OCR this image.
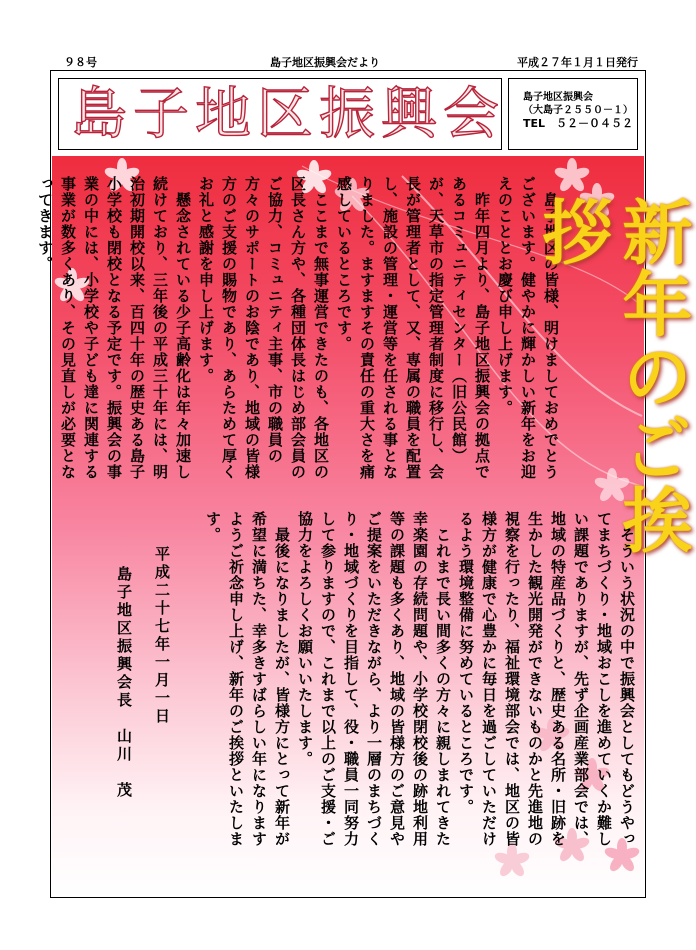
９８号	島子地区振興会だより	平成２７年１月１日発行
島子地区振興会 島子地区振興会
（大島子２５５０－１）
TEL　５２－０４５２
　島子地区の皆様、明けましておめでとうございます。健やかに輝かしい新年をお迎えのこととお慶び申し上げます。
　昨年四月より、島子地区振興会の拠点であるコミュニティセンター（旧公民館）が、天草市の指定管理者制度に移行し、会長が管理者として、又、専属の職員を配置し、施設の管理・運営等を任される事となりました。ますますその責任の重大さを痛感しているところです。
　ここまで無事運営できたのも、各地区の区長さん方や、各種団体長はじめ部会員のご協力、コミュニティ主事、市の職員の方々のサポートのお陰であり、地域の皆様方のご支援の賜物であり、あらためて厚くお礼と感謝を申し上げます。
　懸念されている少子高齢化は年々加速し続けており、三年後の平成三十年には、明治初期開校以来、百四十年の歴史ある島子小学校も閉校となる予定です。振興会の事業の中には、小学校や子ども達に関連する事業が数多くあり、その見直しが必要となってきます。	新年のご挨拶
　そういう状況の中で振興会としてもどうやってまちづくり・地域おこしを進めていくか難しい課題でありますが、先ず企画産業部会では、地域の特産品づくりと、歴史ある名所・旧跡を生かした観光開発ができないものかと先進地の視察を行ったり、福祉環境部会では、地区の皆様方が健康で心豊かに毎日を過ごしていただけるよう環境整備に努めているところです。
　これまで長い間多くの方々に親しまれてきた幸楽園の存続問題や、小学校閉校後の跡地利用等の課題も多くあり、地域の皆様方のご意見やご提案をいただきながら、より一層のまちづくり・地域づくりを目指して、役・職員一同努力して参りますので、これまで以上のご支援・ご協力をよろしくお願いいたします。
　最後になりましたが、皆様方にとって新年が希望に満ちた、幸多きすばらしい年になりますようご祈念申し上げ、新年のご挨拶といたします。
平成二十七年一月一日
島子地区振興会長　山川　茂
